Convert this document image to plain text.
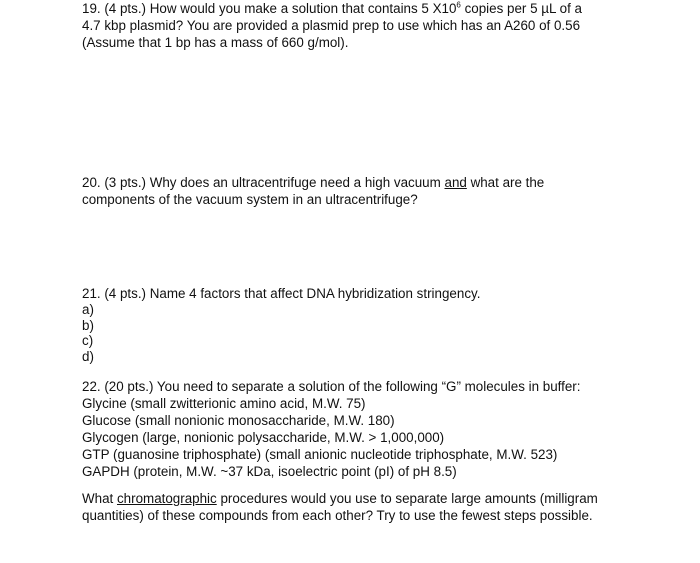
19. (4 pts.) How would you make a solution that contains 5 $X10^6$ copies per 5 µL of a
4.7 kbp plasmid? You are provided a plasmid prep to use which has an A260 of 0.56
(Assume that 1 bp has a mass of 660 g/mol).
20. (3 pts.) Why does an ultracentrifuge need a high vacuum and what are the
components of the vacuum system in an ultracentrifuge?
21. (4 pts.) Name 4 factors that affect DNA hybridization stringency.
a)
b)
c)
d)
22. (20 pts.) You need to separate a solution of the following “G” molecules in buffer:
Glycine (small zwitterionic amino acid, M.W. 75)
Glucose (small nonionic monosaccharide, M.W. 180)
Glycogen (large, nonionic polysaccharide, M.W. > 1,000,000)
GTP (guanosine triphosphate) (small anionic nucleotide triphosphate, M.W. 523)
GAPDH (protein, M.W. ~37 kDa, isoelectric point (pI) of pH 8.5)
What chromatographic procedures would you use to separate large amounts (milligram
quantities) of these compounds from each other? Try to use the fewest steps possible.
